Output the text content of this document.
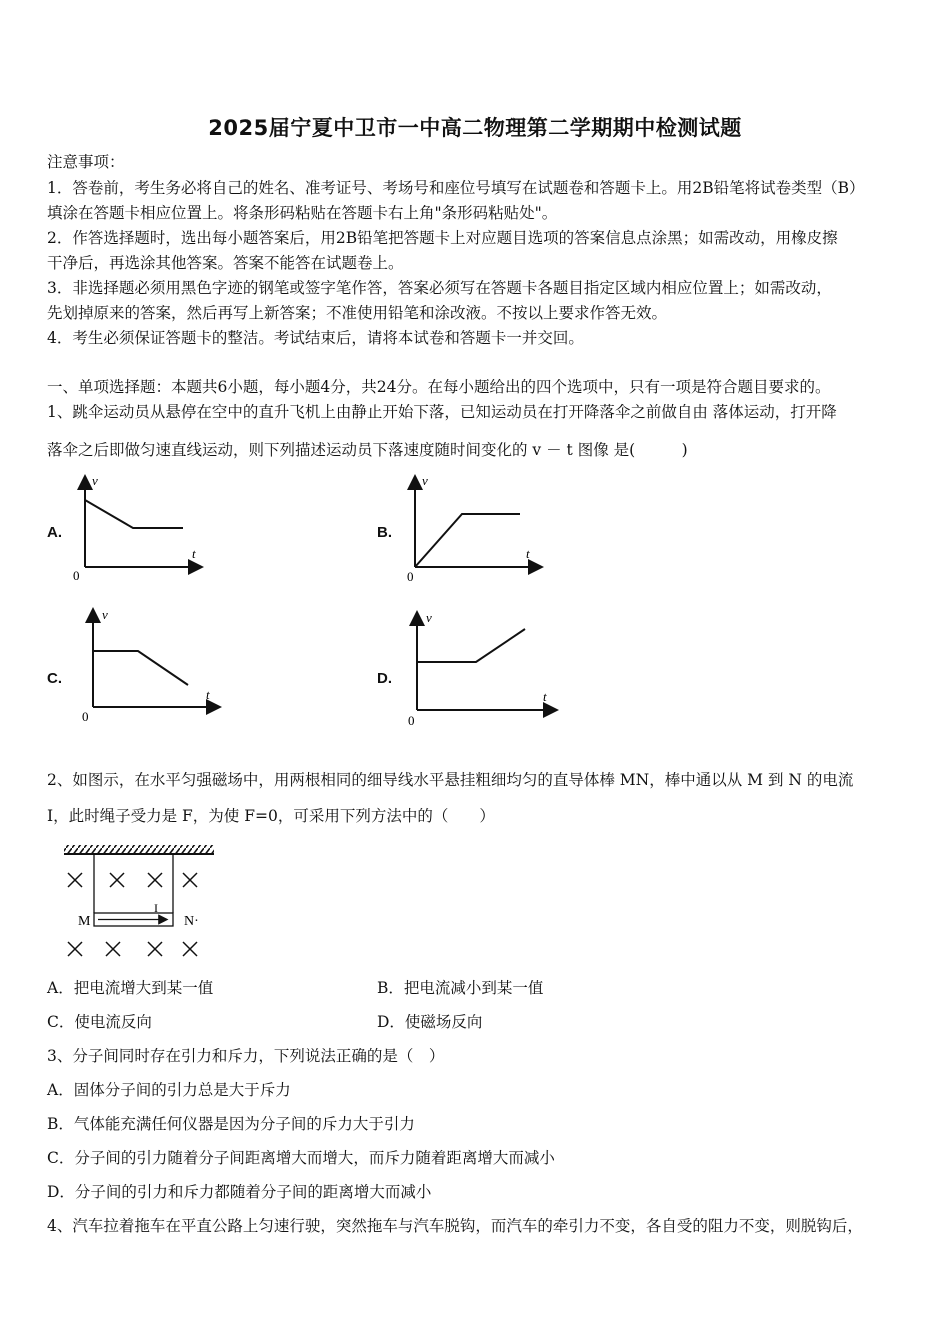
2025届宁夏中卫市一中高二物理第二学期期中检测试题
注意事项：
1．答卷前，考生务必将自己的姓名、准考证号、考场号和座位号填写在试题卷和答题卡上。用2B铅笔将试卷类型（B）
填涂在答题卡相应位置上。将条形码粘贴在答题卡右上角"条形码粘贴处"。
2．作答选择题时，选出每小题答案后，用2B铅笔把答题卡上对应题目选项的答案信息点涂黑；如需改动，用橡皮擦
干净后，再选涂其他答案。答案不能答在试题卷上。
3．非选择题必须用黑色字迹的钢笔或签字笔作答，答案必须写在答题卡各题目指定区域内相应位置上；如需改动，
先划掉原来的答案，然后再写上新答案；不准使用铅笔和涂改液。不按以上要求作答无效。
4．考生必须保证答题卡的整洁。考试结束后，请将本试卷和答题卡一并交回。
一、单项选择题：本题共6小题，每小题4分，共24分。在每小题给出的四个选项中，只有一项是符合题目要求的。
1、跳伞运动员从悬停在空中的直升飞机上由静止开始下落，已知运动员在打开降落伞之前做自由 落体运动，打开降
落伞之后即做匀速直线运动，则下列描述运动员下落速度随时间变化的 v － t 图像 是(　　　)
A.	B.
C.	D.
v
t
0
v
t
0
v
t
0
v
t
0
2、如图示，在水平匀强磁场中，用两根相同的细导线水平悬挂粗细均匀的直导体棒 MN，棒中通以从 M 到 N 的电流
I，此时绳子受力是 F，为使 F=0，可采用下列方法中的（　　）
I
M	N·
A．把电流增大到某一值	B．把电流减小到某一值
C．使电流反向	D．使磁场反向
3、分子间同时存在引力和斥力，下列说法正确的是（　）
A．固体分子间的引力总是大于斥力
B．气体能充满任何仪器是因为分子间的斥力大于引力
C．分子间的引力随着分子间距离增大而增大，而斥力随着距离增大而减小
D．分子间的引力和斥力都随着分子间的距离增大而减小
4、汽车拉着拖车在平直公路上匀速行驶，突然拖车与汽车脱钩，而汽车的牵引力不变，各自受的阻力不变，则脱钩后，
